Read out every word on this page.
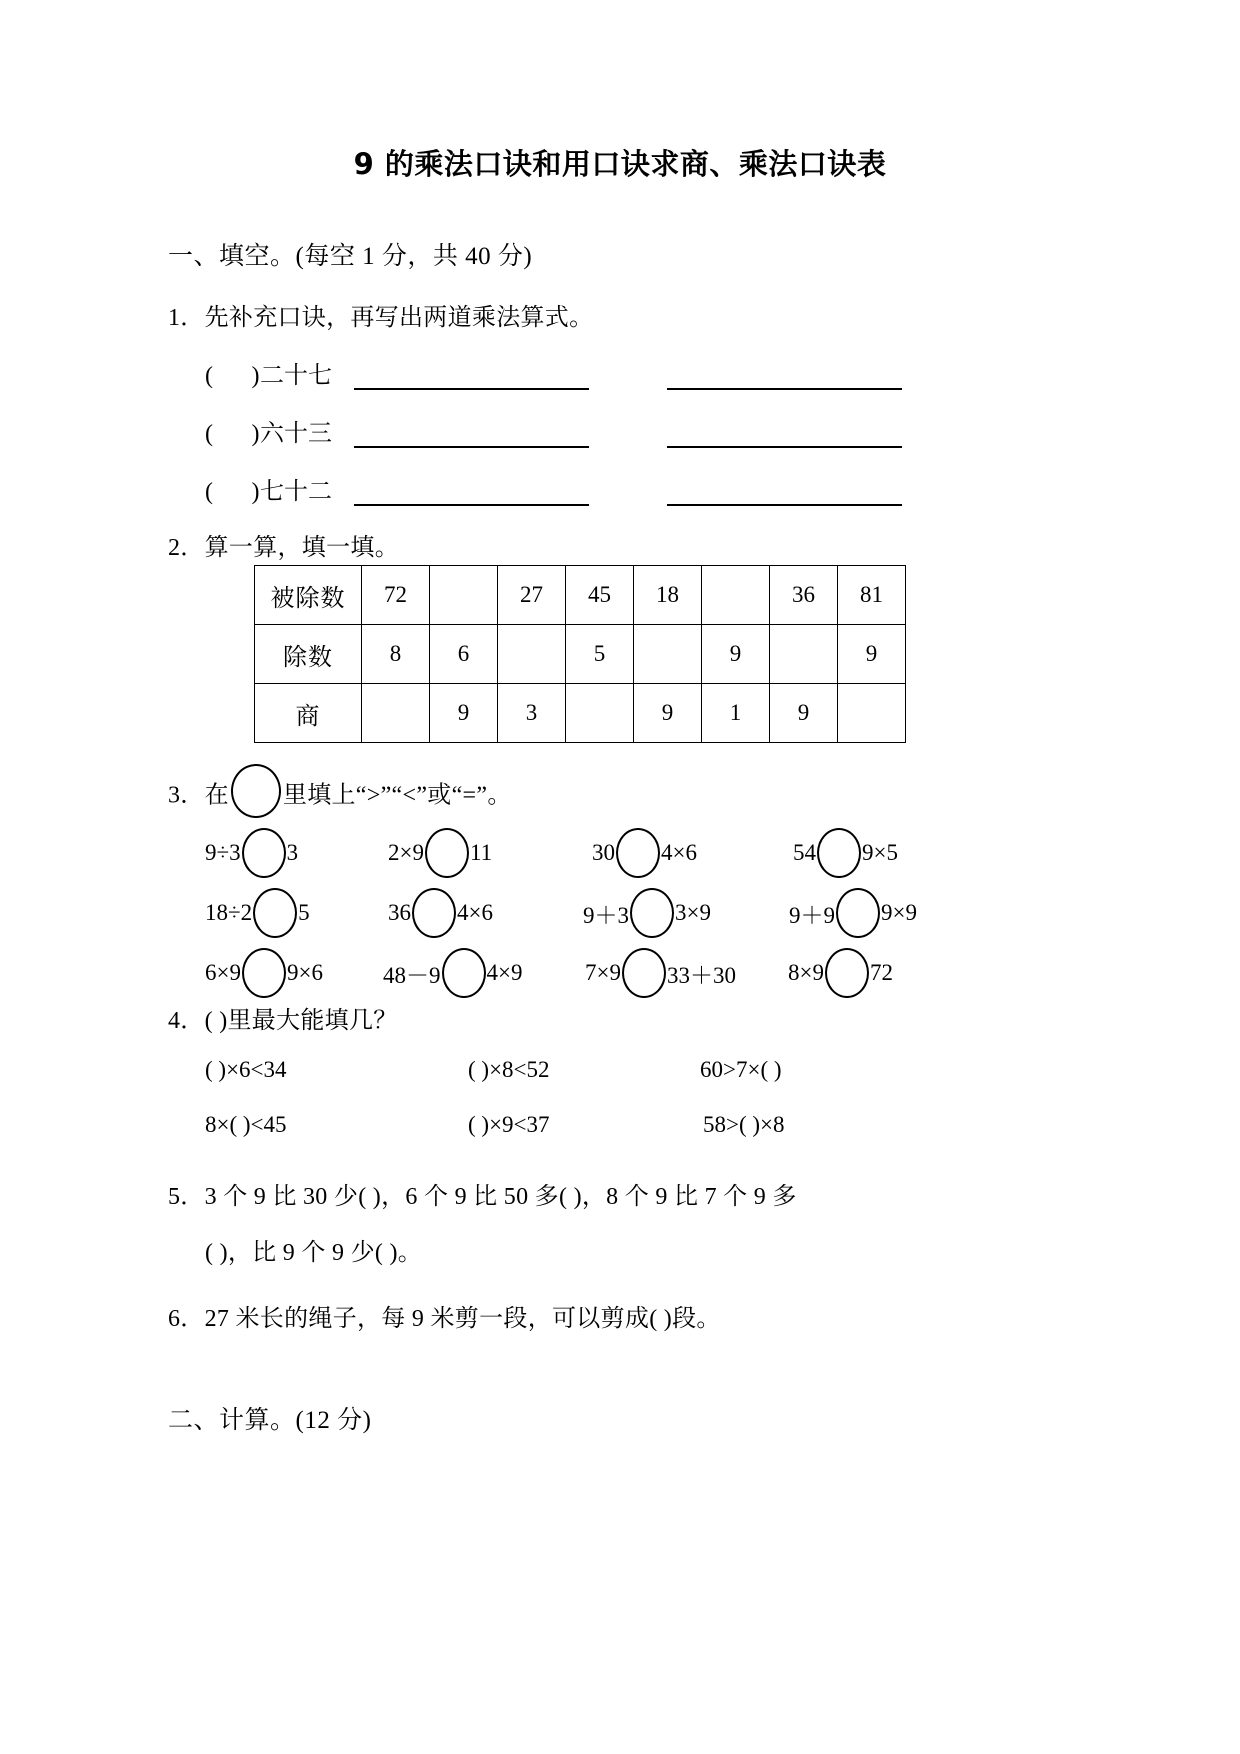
9 的乘法口诀和用口诀求商、乘法口诀表
一、填空。(每空 1 分，共 40 分)
1．先补充口诀，再写出两道乘法算式。
( ) 二十七
( ) 六十三
( ) 七十二
2．算一算，填一填。
被除数	72		27	45	18		36	81
除数	8	6		5		9		9
商		9	3		9	1	9	
3．在 里填上“>”“<”或“=”。
9÷3 3	2×9 11	30 4×6	54 9×5
18÷2 5	36 4×6	9＋3 3×9	9＋9 9×9
6×9 9×6	48－9 4×9	7×9 33＋30 8×9 72
4．( )里最大能填几？
( )×6<34	( )×8<52	60>7×( )
8×( )<45	( )×9<37	58>( )×8
5．3 个 9 比 30 少( )，6 个 9 比 50 多( )，8 个 9 比 7 个 9 多
( )，比 9 个 9 少( )。
6．27 米长的绳子，每 9 米剪一段，可以剪成( )段。
二、计算。(12 分)
